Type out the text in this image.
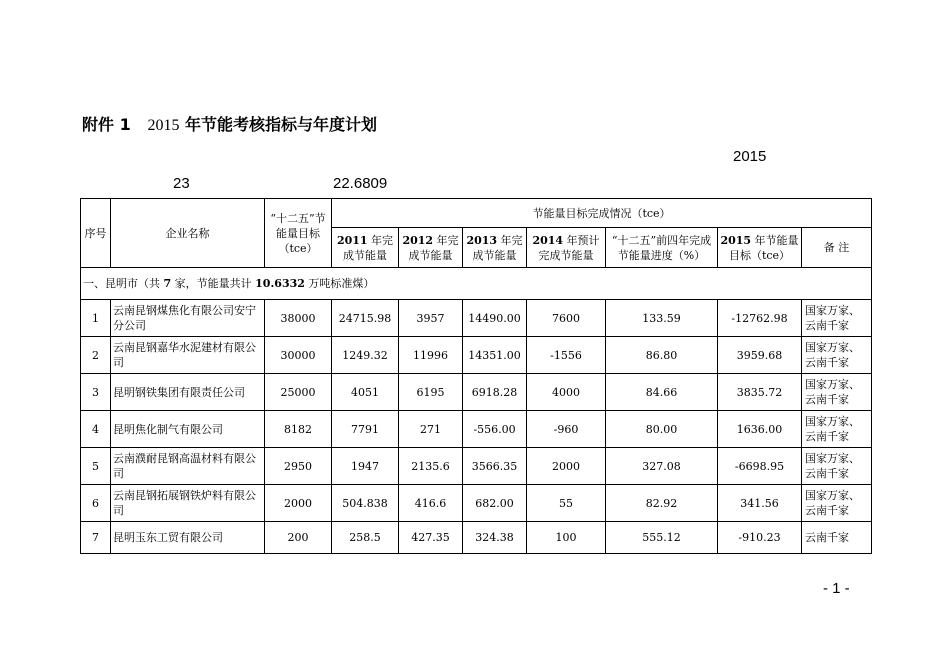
附件 1 2015 年节能考核指标与年度计划
2015
23	22.6809
序号	企业名称	“十二五”节能量目标（tce）	节能量目标完成情况（tce）						
			2011 年完成节能量	2012 年完成节能量	2013 年完成节能量	2014 年预计完成节能量	“十二五”前四年完成节能量进度（%）	2015 年节能量目标（tce）	备 注
一、昆明市（共 7 家，节能量共计 10.6332 万吨标准煤）									
1	云南昆钢煤焦化有限公司安宁分公司	38000	24715.98	3957	14490.00	7600	133.59	-12762.98	国家万家、云南千家
2	云南昆钢嘉华水泥建材有限公司	30000	1249.32	11996	14351.00	-1556	86.80	3959.68	国家万家、云南千家
3	昆明钢铁集团有限责任公司	25000	4051	6195	6918.28	4000	84.66	3835.72	国家万家、云南千家
4	昆明焦化制气有限公司	8182	7791	271	-556.00	-960	80.00	1636.00	国家万家、云南千家
5	云南濮耐昆钢高温材料有限公司	2950	1947	2135.6	3566.35	2000	327.08	-6698.95	国家万家、云南千家
6	云南昆钢拓展钢铁炉料有限公司	2000	504.838	416.6	682.00	55	82.92	341.56	国家万家、云南千家
7	昆明玉东工贸有限公司	200	258.5	427.35	324.38	100	555.12	-910.23	云南千家
- 1 -
